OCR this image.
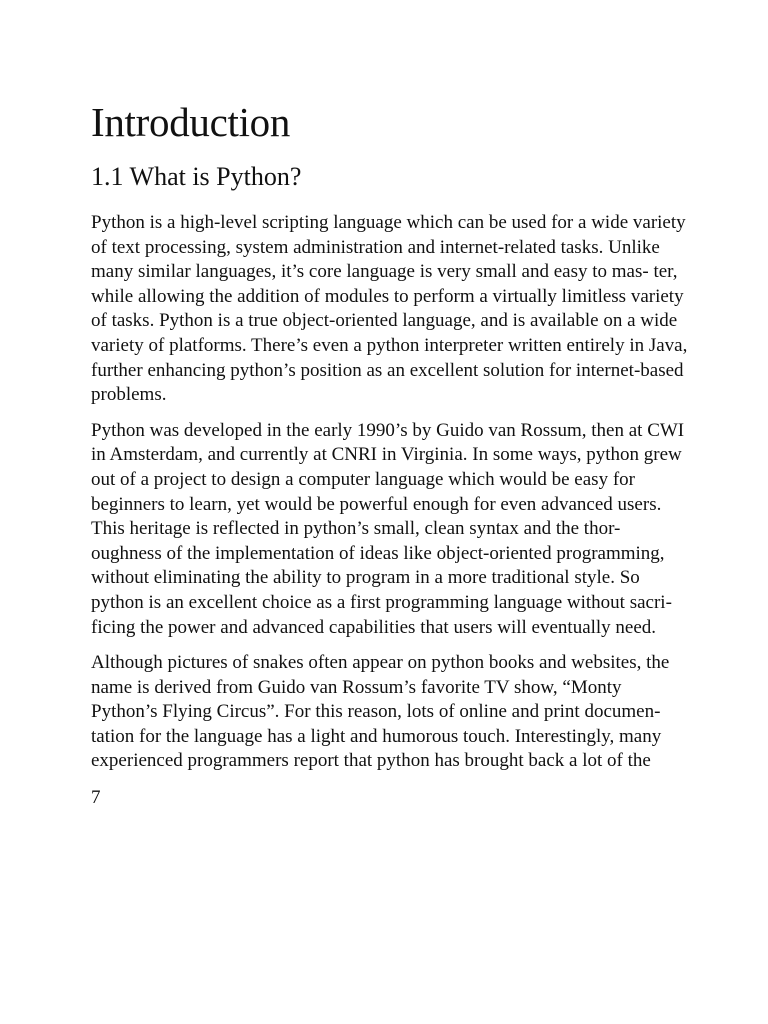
Introduction
1.1 What is Python?

Python is a high-level scripting language which can be used for a wide variety of text processing, system administration and internet-related tasks. Unlike many similar languages, it’s core language is very small and easy to mas- ter, while allowing the addition of modules to perform a virtually limitless variety of tasks. Python is a true object-oriented language, and is available on a wide variety of platforms. There’s even a python interpreter written entirely in Java, further enhancing python’s position as an excellent solution for internet-based problems.

Python was developed in the early 1990’s by Guido van Rossum, then at CWI in Amsterdam, and currently at CNRI in Virginia. In some ways, python grew out of a project to design a computer language which would be easy for beginners to learn, yet would be powerful enough for even advanced users. This heritage is reflected in python’s small, clean syntax and the thor- oughness of the implementation of ideas like object-oriented programming, without eliminating the ability to program in a more traditional style. So python is an excellent choice as a first programming language without sacri- ficing the power and advanced capabilities that users will eventually need.

Although pictures of snakes often appear on python books and websites, the name is derived from Guido van Rossum’s favorite TV show, “Monty Python’s Flying Circus”. For this reason, lots of online and print documen- tation for the language has a light and humorous touch. Interestingly, many experienced programmers report that python has brought back a lot of the

7
